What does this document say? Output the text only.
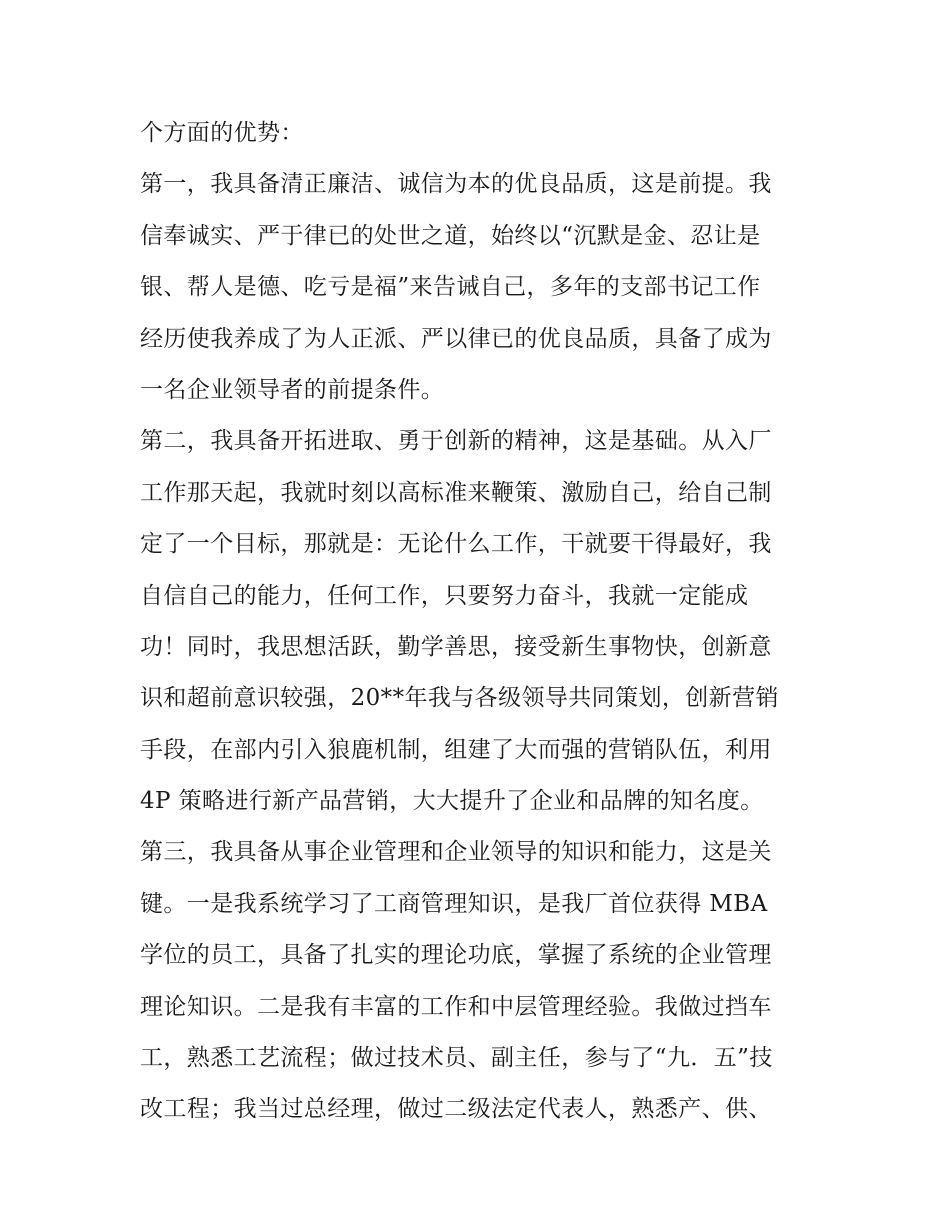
个方面的优势：
第一，我具备清正廉洁、诚信为本的优良品质，这是前提。我
信奉诚实、严于律已的处世之道，始终以“沉默是金、忍让是
银、帮人是德、吃亏是福”来告诫自己，多年的支部书记工作
经历使我养成了为人正派、严以律已的优良品质，具备了成为
一名企业领导者的前提条件。
第二，我具备开拓进取、勇于创新的精神，这是基础。从入厂
工作那天起，我就时刻以高标准来鞭策、激励自己，给自己制
定了一个目标，那就是：无论什么工作，干就要干得最好，我
自信自己的能力，任何工作，只要努力奋斗，我就一定能成
功！同时，我思想活跃，勤学善思，接受新生事物快，创新意
识和超前意识较强，20**年我与各级领导共同策划，创新营销
手段，在部内引入狼鹿机制，组建了大而强的营销队伍，利用
4P 策略进行新产品营销，大大提升了企业和品牌的知名度。
第三，我具备从事企业管理和企业领导的知识和能力，这是关
键。一是我系统学习了工商管理知识，是我厂首位获得 MBA
学位的员工，具备了扎实的理论功底，掌握了系统的企业管理
理论知识。二是我有丰富的工作和中层管理经验。我做过挡车
工，熟悉工艺流程；做过技术员、副主任，参与了“九．五”技
改工程；我当过总经理，做过二级法定代表人，熟悉产、供、
